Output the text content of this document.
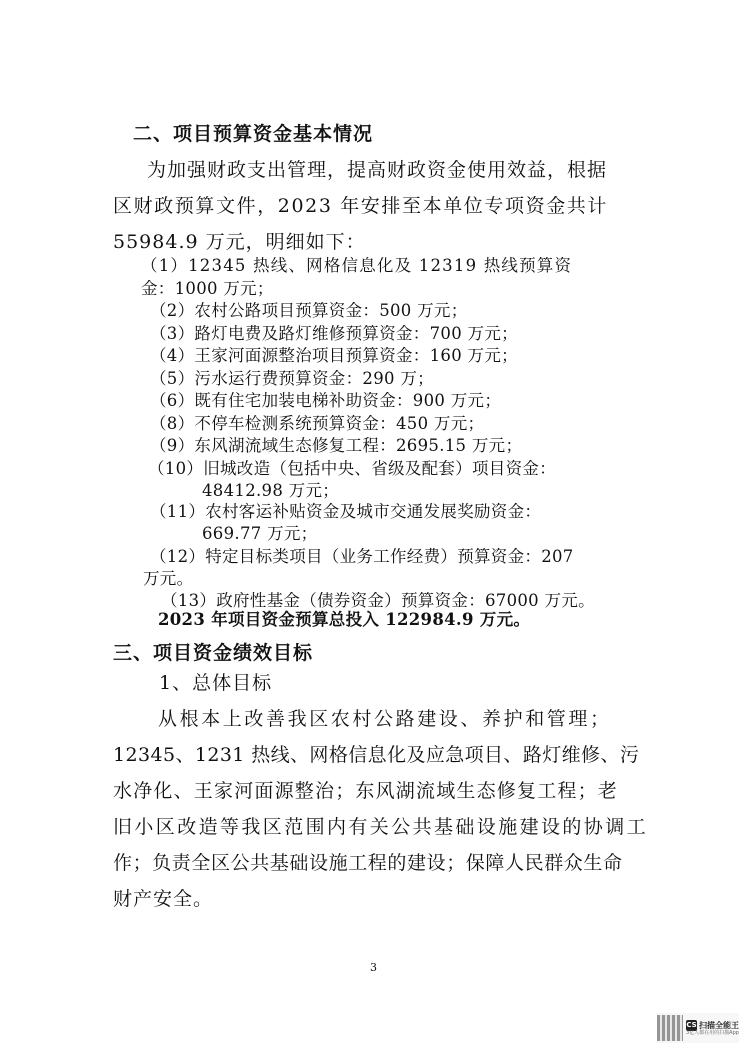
二、项目预算资金基本情况
为加强财政支出管理，提高财政资金使用效益，根据
区财政预算文件，2023 年安排至本单位专项资金共计
55984.9 万元，明细如下：
（1）12345 热线、网格信息化及 12319 热线预算资
金：1000 万元；
（2）农村公路项目预算资金：500 万元；
（3）路灯电费及路灯维修预算资金：700 万元；
（4）王家河面源整治项目预算资金：160 万元；
（5）污水运行费预算资金：290 万；
（6）既有住宅加装电梯补助资金：900 万元；
（8）不停车检测系统预算资金：450 万元；
（9）东风湖流域生态修复工程：2695.15 万元；
（10）旧城改造（包括中央、省级及配套）项目资金：
48412.98 万元；
（11）农村客运补贴资金及城市交通发展奖励资金：
669.77 万元；
（12）特定目标类项目（业务工作经费）预算资金：207
万元。
（13）政府性基金（债券资金）预算资金：67000 万元。
2023 年项目资金预算总投入 122984.9 万元。
三、项目资金绩效目标
1、总体目标
从根本上改善我区农村公路建设、养护和管理；
12345、1231 热线、网格信息化及应急项目、路灯维修、污
水净化、王家河面源整治；东风湖流域生态修复工程；老
旧小区改造等我区范围内有关公共基础设施建设的协调工
作；负责全区公共基础设施工程的建设；保障人民群众生命
财产安全。
3
CS 扫描全能王
3亿人都在用的扫描App
